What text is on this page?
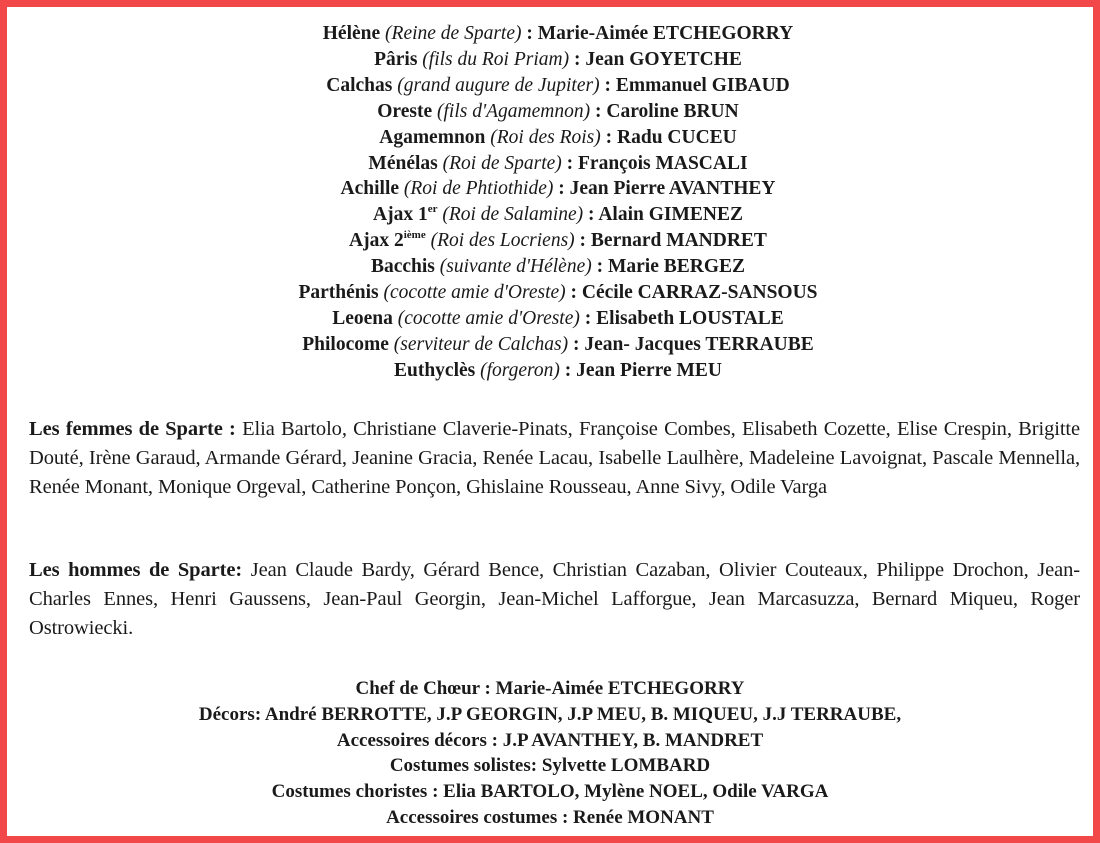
Hélène (Reine de Sparte) : Marie-Aimée ETCHEGORRY
Pâris (fils du Roi Priam) : Jean GOYETCHE
Calchas (grand augure de Jupiter) : Emmanuel GIBAUD
Oreste (fils d'Agamemnon) : Caroline BRUN
Agamemnon (Roi des Rois) : Radu CUCEU
Ménélas (Roi de Sparte) : François MASCALI
Achille (Roi de Phtiothide) : Jean Pierre AVANTHEY
Ajax 1er (Roi de Salamine) : Alain GIMENEZ
Ajax 2ième (Roi des Locriens) : Bernard MANDRET
Bacchis (suivante d'Hélène) : Marie BERGEZ
Parthénis (cocotte amie d'Oreste) : Cécile CARRAZ-SANSOUS
Leoena (cocotte amie d'Oreste) : Elisabeth LOUSTALE
Philocome (serviteur de Calchas) : Jean- Jacques TERRAUBE
Euthyclès (forgeron) : Jean Pierre MEU
Les femmes de Sparte : Elia Bartolo, Christiane Claverie-Pinats, Françoise Combes, Elisabeth Cozette, Elise Crespin, Brigitte Douté, Irène Garaud, Armande Gérard, Jeanine Gracia, Renée Lacau, Isabelle Laulhère, Madeleine Lavoignat, Pascale Mennella, Renée Monant, Monique Orgeval, Catherine Ponçon, Ghislaine Rousseau, Anne Sivy, Odile Varga
Les hommes de Sparte: Jean Claude Bardy, Gérard Bence, Christian Cazaban, Olivier Couteaux, Philippe Drochon, Jean-Charles Ennes, Henri Gaussens, Jean-Paul Georgin, Jean-Michel Lafforgue, Jean Marcasuzza, Bernard Miqueu, Roger Ostrowiecki.
Chef de Chœur : Marie-Aimée ETCHEGORRY
Décors: André BERROTTE, J.P GEORGIN, J.P MEU, B. MIQUEU, J.J TERRAUBE,
Accessoires décors : J.P AVANTHEY, B. MANDRET
Costumes solistes: Sylvette LOMBARD
Costumes choristes : Elia BARTOLO, Mylène NOEL, Odile VARGA
Accessoires costumes : Renée MONANT
